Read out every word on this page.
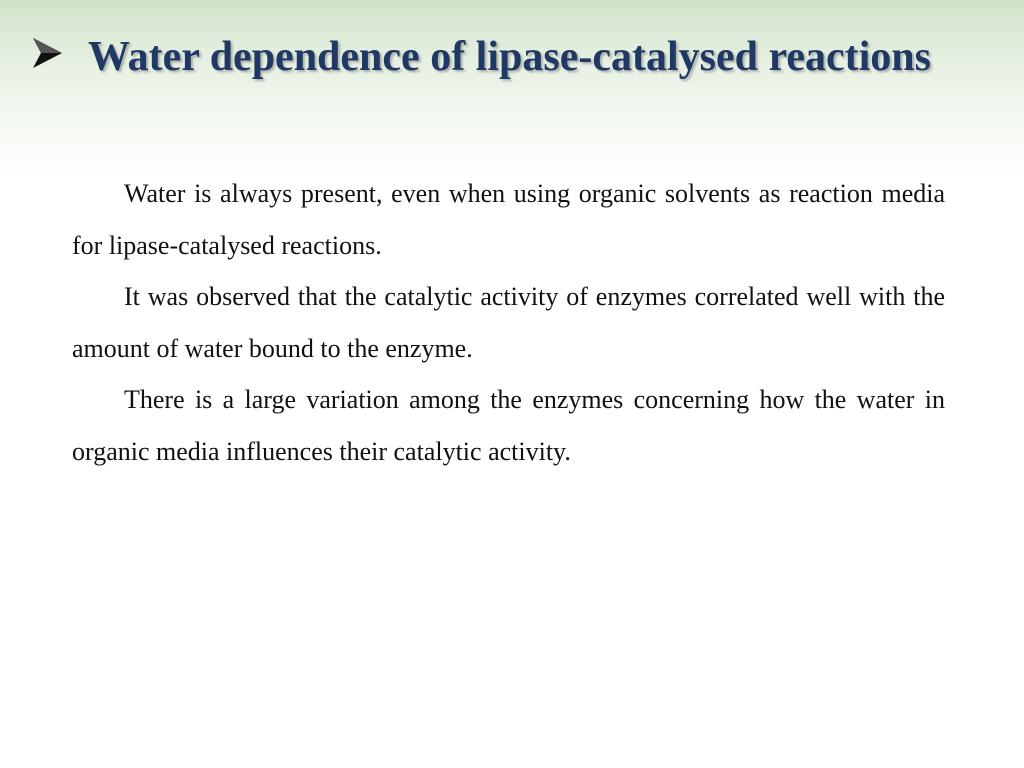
Water dependence of lipase-catalysed reactions

Water is always present, even when using organic solvents as reaction media for lipase-catalysed reactions.

It was observed that the catalytic activity of enzymes correlated well with the amount of water bound to the enzyme.

There is a large variation among the enzymes concerning how the water in organic media influences their catalytic activity.
